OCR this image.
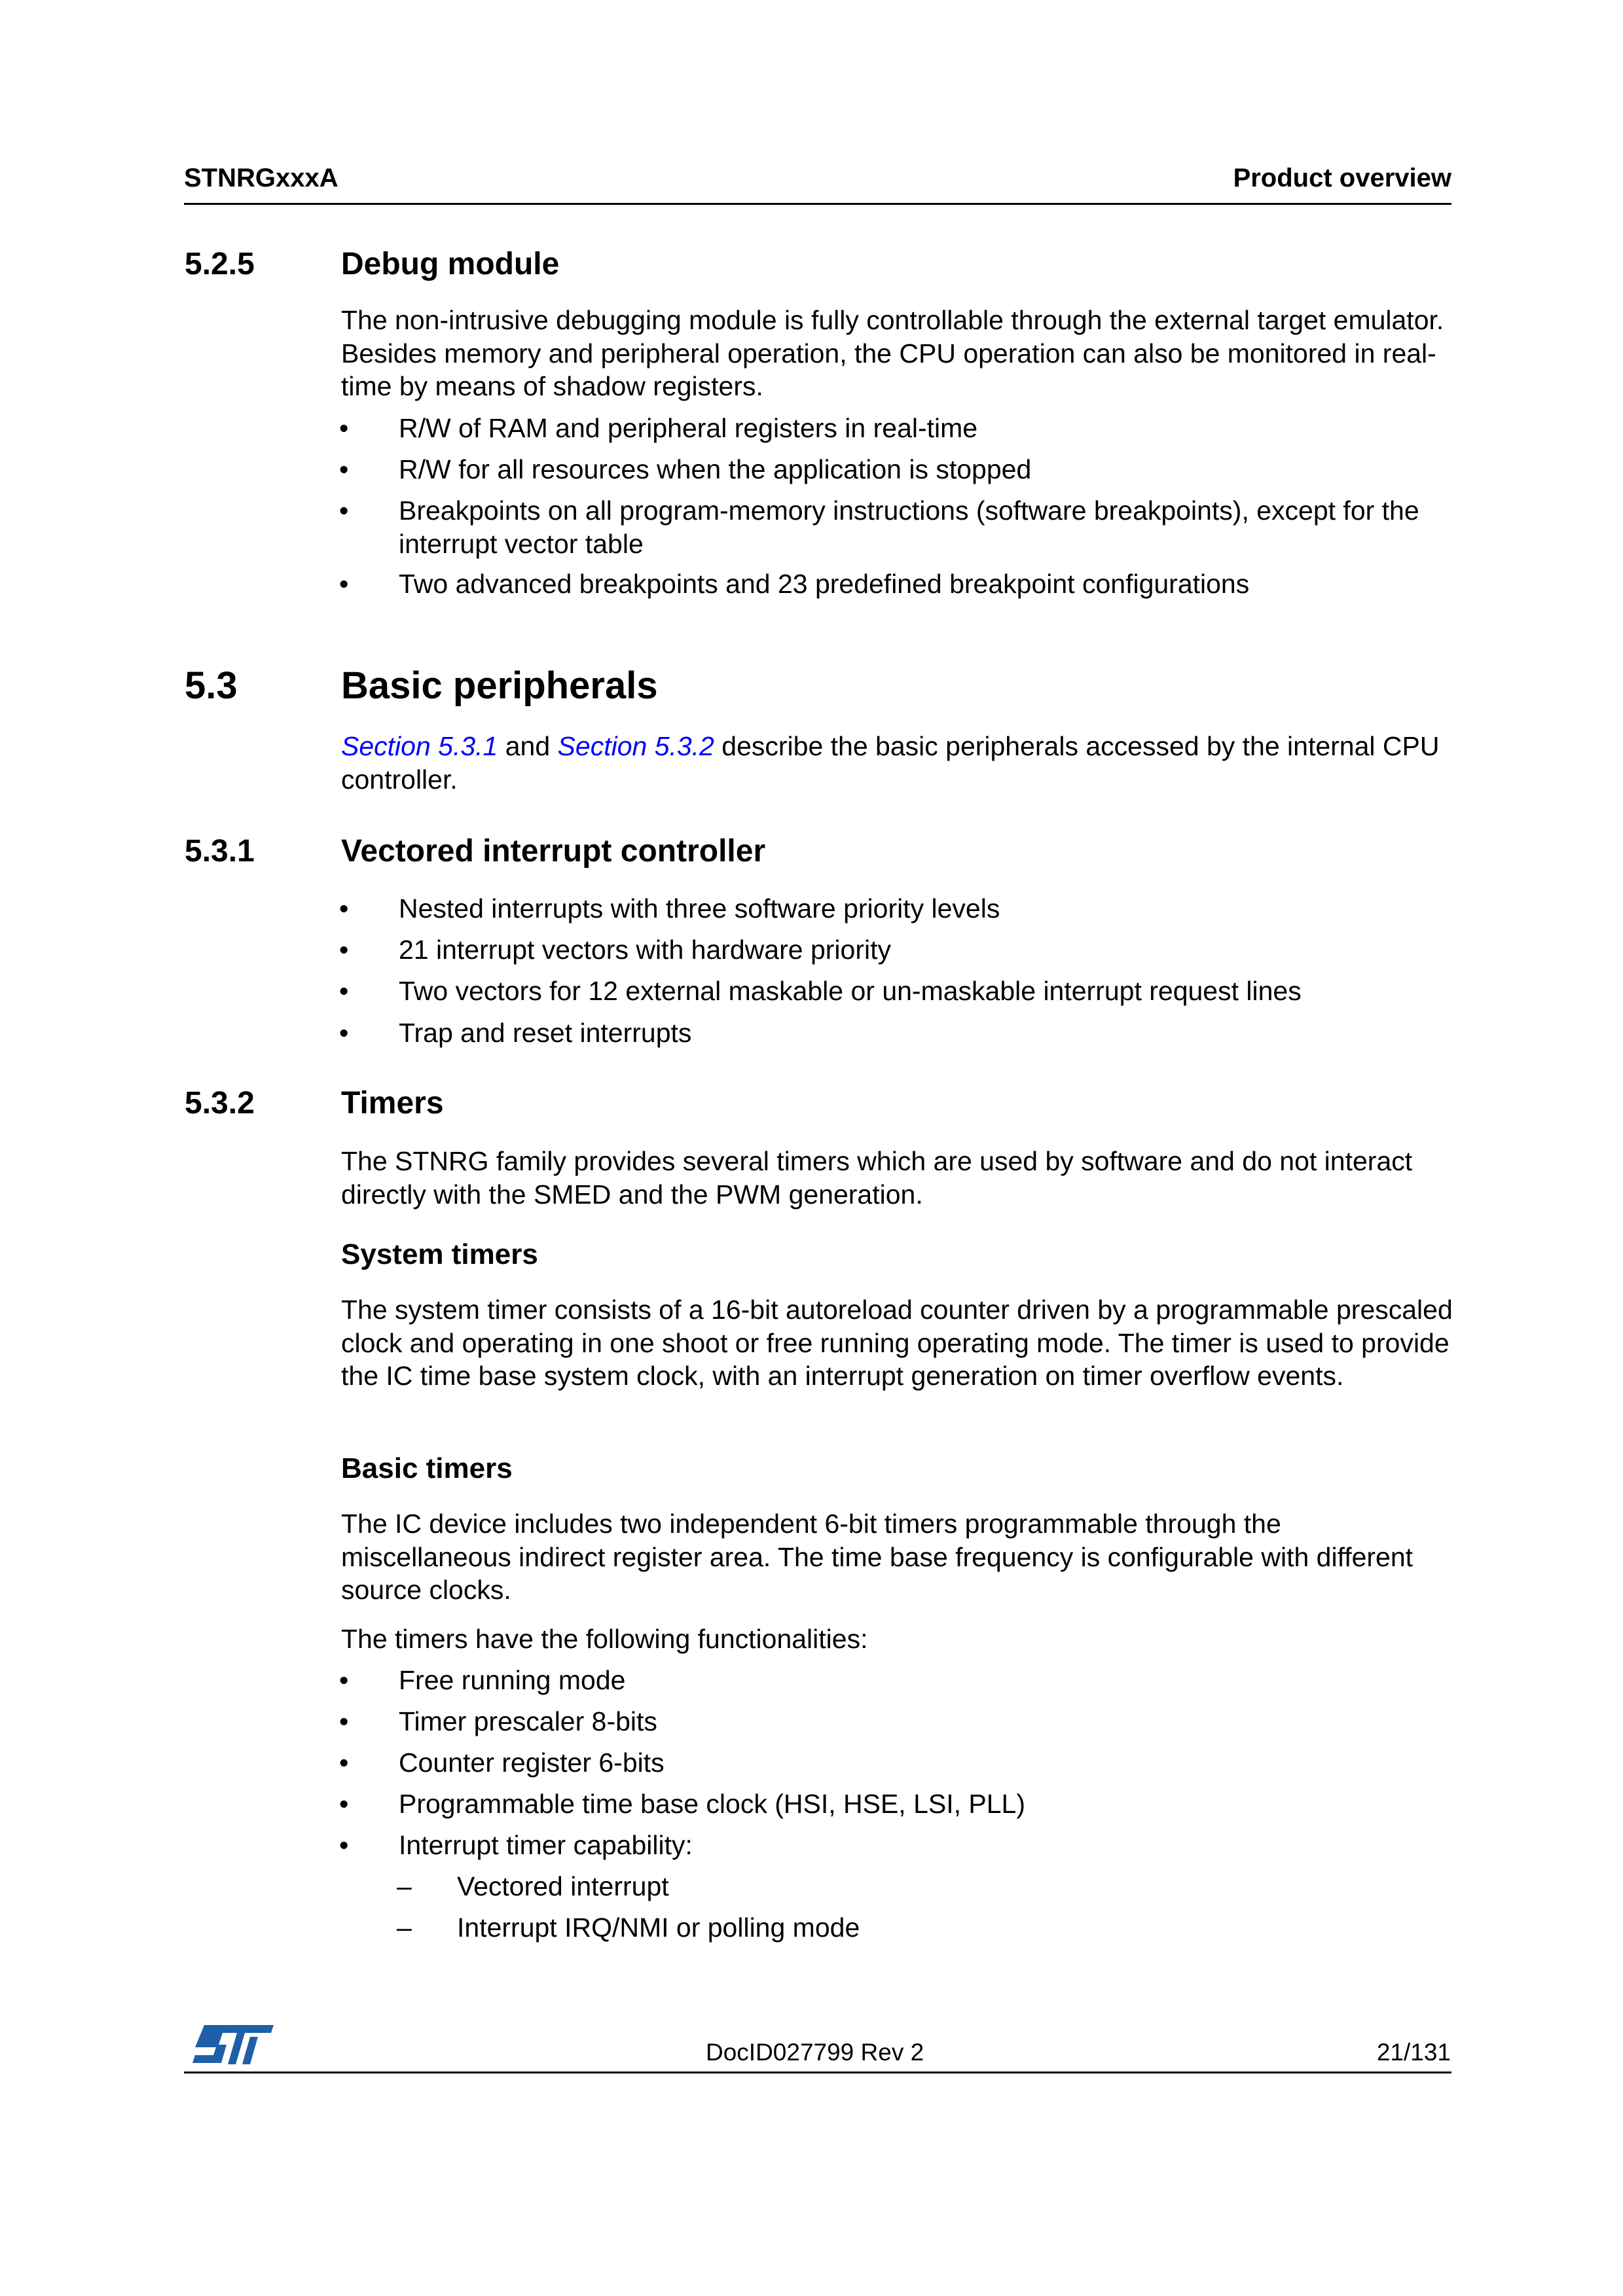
STNRGxxxA	Product overview
5.2.5	Debug module
The non-intrusive debugging module is fully controllable through the external target emulator. Besides memory and peripheral operation, the CPU operation can also be monitored in real-time by means of shadow registers.
• R/W of RAM and peripheral registers in real-time
• R/W for all resources when the application is stopped
• Breakpoints on all program-memory instructions (software breakpoints), except for the interrupt vector table
• Two advanced breakpoints and 23 predefined breakpoint configurations
5.3	Basic peripherals
Section 5.3.1 and Section 5.3.2 describe the basic peripherals accessed by the internal CPU controller.
5.3.1	Vectored interrupt controller
• Nested interrupts with three software priority levels
• 21 interrupt vectors with hardware priority
• Two vectors for 12 external maskable or un-maskable interrupt request lines
• Trap and reset interrupts
5.3.2	Timers
The STNRG family provides several timers which are used by software and do not interact directly with the SMED and the PWM generation.
System timers
The system timer consists of a 16-bit autoreload counter driven by a programmable prescaled clock and operating in one shoot or free running operating mode. The timer is used to provide the IC time base system clock, with an interrupt generation on timer overflow events.
Basic timers
The IC device includes two independent 6-bit timers programmable through the miscellaneous indirect register area. The time base frequency is configurable with different source clocks.
The timers have the following functionalities:
• Free running mode
• Timer prescaler 8-bits
• Counter register 6-bits
• Programmable time base clock (HSI, HSE, LSI, PLL)
• Interrupt timer capability:
– Vectored interrupt
– Interrupt IRQ/NMI or polling mode
DocID027799 Rev 2	21/131
